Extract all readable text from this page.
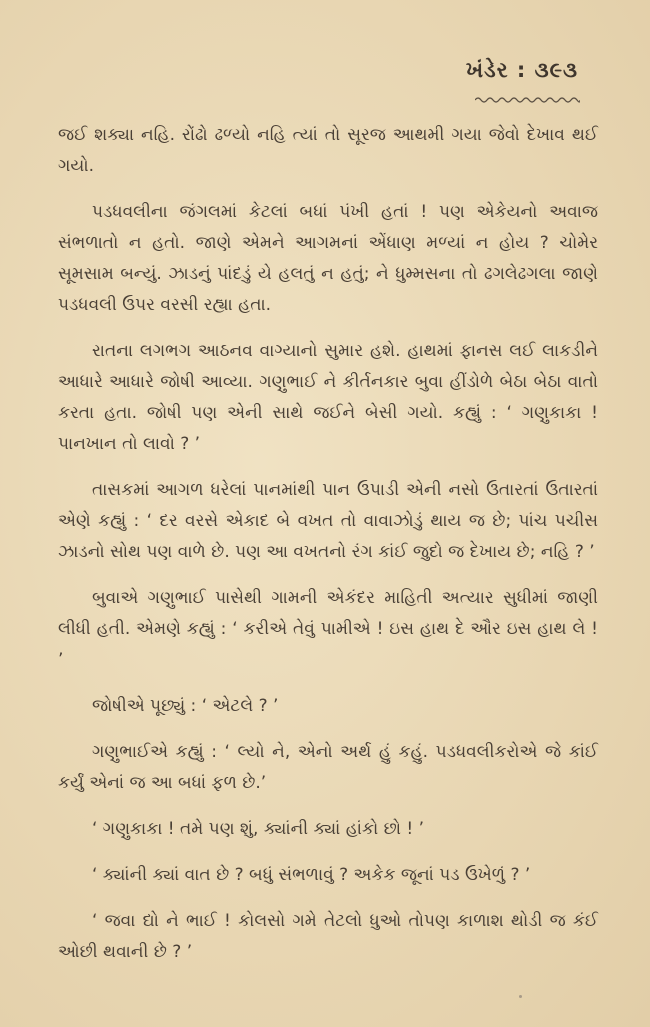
ખંડેર : ૩૯૩

જઈ શક્યા નહિ. રોંઢો ઢળ્યો નહિ ત્યાં તો સૂરજ આથમી ગયા જેવો દેખાવ થઈ ગયો.

પડધવલીના જંગલમાં કેટલાં બધાં પંખી હતાં ! પણ એકેયનો અવાજ સંભળાતો ન હતો. જાણે એમને આગમનાં એંધાણ મળ્યાં ન હોય ? ચોમેર સૂમસામ બન્યું. ઝાડનું પાંદડું યે હલતું ન હતું; ને ધુમ્મસના તો ઢગલેઢગલા જાણે પડધવલી ઉપર વરસી રહ્યા હતા.

રાતના લગભગ આઠનવ વાગ્યાનો સુમાર હશે. હાથમાં ફાનસ લઈ લાકડીને આધારે આધારે જોષી આવ્યા. ગણુભાઈ ને કીર્તનકાર બુવા હીંડોળે બેઠા બેઠા વાતો કરતા હતા. જોષી પણ એની સાથે જઈને બેસી ગયો. કહ્યું : ‘ ગણુકાકા ! પાનખાન તો લાવો ? ’

તાસકમાં આગળ ધરેલાં પાનમાંથી પાન ઉપાડી એની નસો ઉતારતાં ઉતારતાં એણે કહ્યું : ‘ દર વરસે એકાદ બે વખત તો વાવાઝોડું થાય જ છે; પાંચ પચીસ ઝાડનો સોથ પણ વાળે છે. પણ આ વખતનો રંગ કાંઈ જુદો જ દેખાય છે; નહિ ? ’

બુવાએ ગણુભાઈ પાસેથી ગામની એકંદર માહિતી અત્યાર સુધીમાં જાણી લીધી હતી. એમણે કહ્યું : ‘ કરીએ તેવું પામીએ ! ઇસ હાથ દે ઔર ઇસ હાથ લે ! ’

જોષીએ પૂછ્યું : ‘ એટલે ? ’

ગણુભાઈએ કહ્યું : ‘ લ્યો ને, એનો અર્થ હું કહું. પડધવલીકરોએ જે કાંઈ કર્યું એનાં જ આ બધાં ફળ છે.’

‘ ગણુકાકા ! તમે પણ શું, ક્યાંની ક્યાં હાંકો છો ! ’

‘ ક્યાંની ક્યાં વાત છે ? બધું સંભળાવું ? અકેક જૂનાં પડ ઉખેળું ? ’

‘ જવા દ્યો ને ભાઈ ! કોલસો ગમે તેટલો ધુઓ તોપણ કાળાશ થોડી જ કંઈ ઓછી થવાની છે ? ’
